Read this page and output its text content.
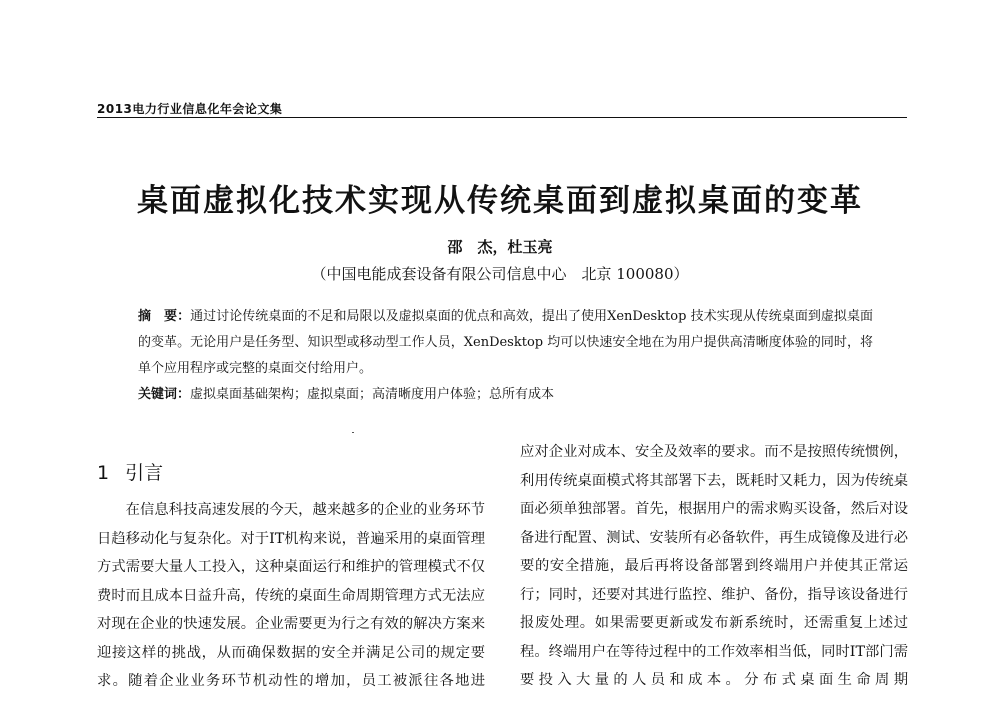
2013电力行业信息化年会论文集
桌面虚拟化技术实现从传统桌面到虚拟桌面的变革
邵　杰，杜玉亮
（中国电能成套设备有限公司信息中心　北京 100080）
摘　要：通过讨论传统桌面的不足和局限以及虚拟桌面的优点和高效，提出了使用XenDesktop 技术实现从传统桌面到虚拟桌面的变革。无论用户是任务型、知识型或移动型工作人员，XenDesktop 均可以快速安全地在为用户提供高清晰度体验的同时，将单个应用程序或完整的桌面交付给用户。
关键词：虚拟桌面基础架构；虚拟桌面；高清晰度用户体验；总所有成本
1 引言
在信息科技高速发展的今天，越来越多的企业的业务环节日趋移动化与复杂化。对于IT机构来说，普遍采用的桌面管理方式需要大量人工投入，这种桌面运行和维护的管理模式不仅费时而且成本日益升高，传统的桌面生命周期管理方式无法应对现在企业的快速发展。企业需要更为行之有效的解决方案来迎接这样的挑战，从而确保数据的安全并满足公司的规定要求。随着企业业务环节机动性的增加，员工被派往各地进
应对企业对成本、安全及效率的要求。而不是按照传统惯例，利用传统桌面模式将其部署下去，既耗时又耗力，因为传统桌面必须单独部署。首先，根据用户的需求购买设备，然后对设备进行配置、测试、安装所有必备软件，再生成镜像及进行必要的安全措施，最后再将设备部署到终端用户并使其正常运行；同时，还要对其进行监控、维护、备份，指导该设备进行报废处理。如果需要更新或发布新系统时，还需重复上述过程。终端用户在等待过程中的工作效率相当低，同时IT部门需要投入大量的人员和成本。分布式桌面生命周期
